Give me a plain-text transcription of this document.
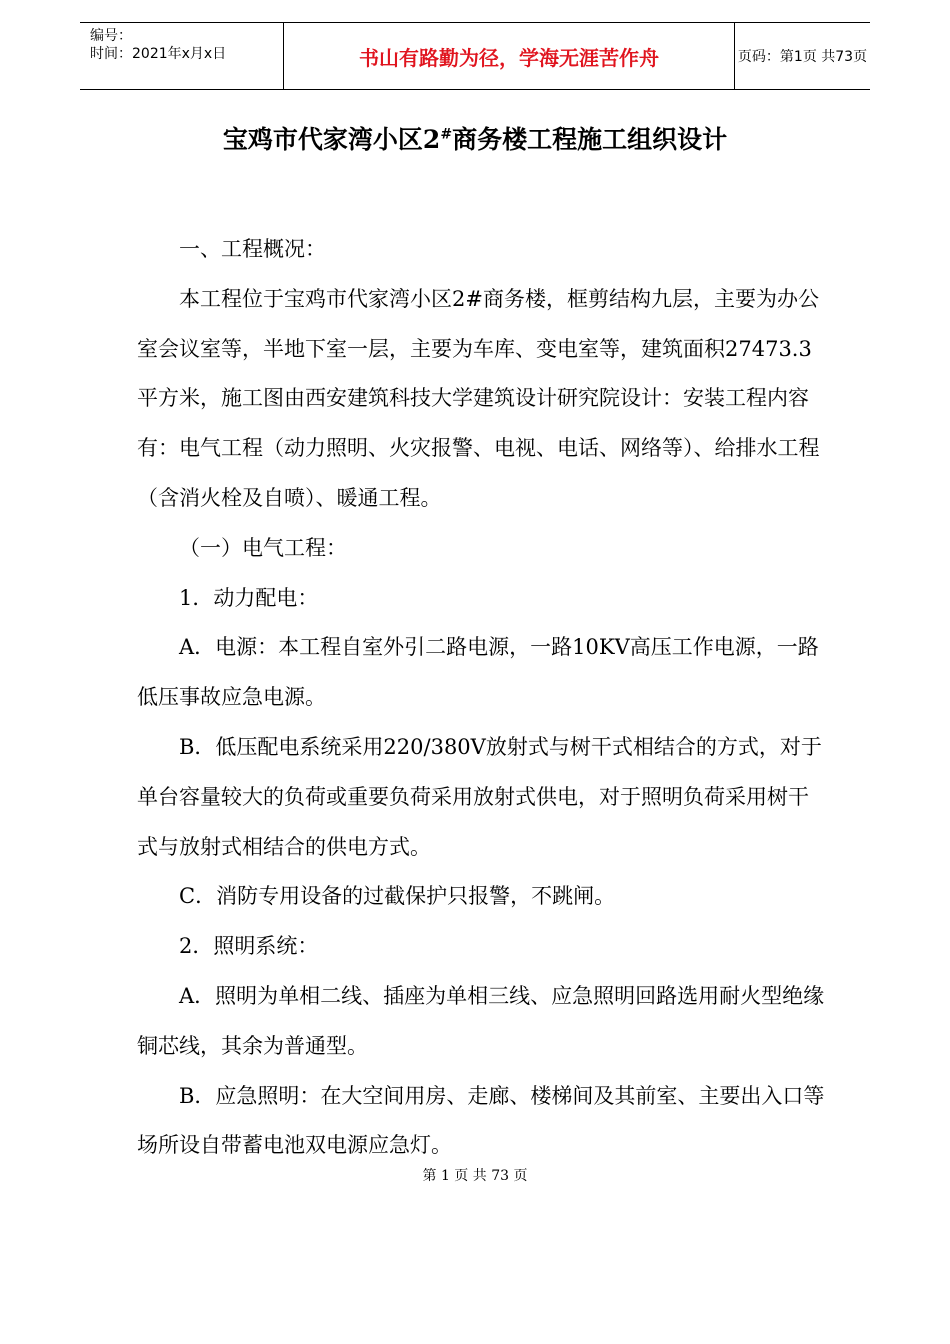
编号：
时间：2021年x月x日	书山有路勤为径，学海无涯苦作舟	页码：第1页 共73页
宝鸡市代家湾小区2#商务楼工程施工组织设计

一、工程概况：

本工程位于宝鸡市代家湾小区2#商务楼，框剪结构九层，主要为办公室会议室等，半地下室一层，主要为车库、变电室等，建筑面积27473.3平方米，施工图由西安建筑科技大学建筑设计研究院设计：安装工程内容有：电气工程（动力照明、火灾报警、电视、电话、网络等）、给排水工程（含消火栓及自喷）、暖通工程。

（一）电气工程：

1．动力配电：

A．电源：本工程自室外引二路电源，一路10KV高压工作电源，一路低压事故应急电源。

B．低压配电系统采用220/380V放射式与树干式相结合的方式，对于单台容量较大的负荷或重要负荷采用放射式供电，对于照明负荷采用树干式与放射式相结合的供电方式。

C．消防专用设备的过截保护只报警，不跳闸。

2．照明系统：

A．照明为单相二线、插座为单相三线、应急照明回路选用耐火型绝缘铜芯线，其余为普通型。

B．应急照明：在大空间用房、走廊、楼梯间及其前室、主要出入口等场所设自带蓄电池双电源应急灯。

第 1 页 共 73 页
